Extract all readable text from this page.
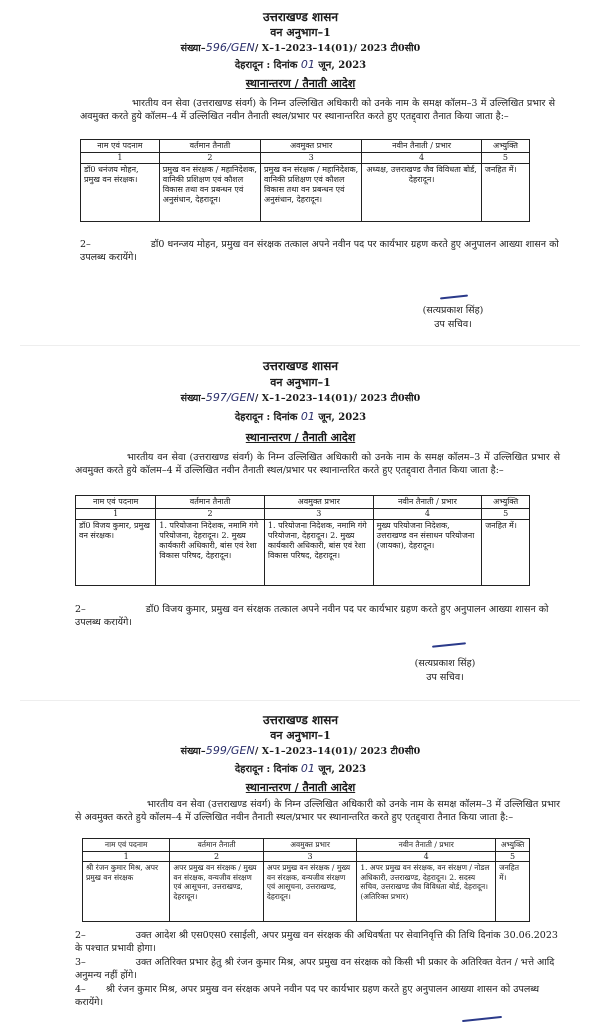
उत्तराखण्ड शासन
वन अनुभाग–1
संख्या–596/GEN/ X–1–2023–14(01)/ 2023 टी0सी0
देहरादून : दिनांक 01 जून, 2023
स्थानान्तरण / तैनाती आदेश
भारतीय वन सेवा (उत्तराखण्ड संवर्ग) के निम्न उल्लिखित अधिकारी को उनके नाम के समक्ष कॉलम–3 में उल्लिखित प्रभार से अवमुक्त करते हुये कॉलम–4 में उल्लिखित नवीन तैनाती स्थल/प्रभार पर स्थानान्तरित करते हुए एतद्द्वारा तैनात किया जाता है:–
नाम एवं पदनाम	वर्तमान तैनाती	अवमुक्त प्रभार	नवीन तैनाती / प्रभार	अभ्युक्ति
1	2	3	4	5
डॉ0 धनंजय मोहन, प्रमुख वन संरक्षक।	प्रमुख वन संरक्षक / महानिदेशक, वानिकी प्रशिक्षण एवं कौशल विकास तथा वन प्रबन्धन एवं अनुसंधान, देहरादून।	प्रमुख वन संरक्षक / महानिदेशक, वानिकी प्रशिक्षण एवं कौशल विकास तथा वन प्रबन्धन एवं अनुसंधान, देहरादून।	अध्यक्ष, उत्तराखण्ड जैव विविधता बोर्ड, देहरादून।	जनहित में।
2–	डॉ0 धनन्जय मोहन, प्रमुख वन संरक्षक तत्काल अपने नवीन पद पर कार्यभार ग्रहण करते हुए अनुपालन आख्या शासन को उपलब्ध करायेंगे।
(सत्यप्रकाश सिंह)
उप सचिव।
उत्तराखण्ड शासन
वन अनुभाग–1
संख्या–597/GEN/ X–1–2023–14(01)/ 2023 टी0सी0
देहरादून : दिनांक 01 जून, 2023
स्थानान्तरण / तैनाती आदेश
भारतीय वन सेवा (उत्तराखण्ड संवर्ग) के निम्न उल्लिखित अधिकारी को उनके नाम के समक्ष कॉलम–3 में उल्लिखित प्रभार से अवमुक्त करते हुये कॉलम–4 में उल्लिखित नवीन तैनाती स्थल/प्रभार पर स्थानान्तरित करते हुए एतद्द्वारा तैनात किया जाता है:–
नाम एवं पदनाम	वर्तमान तैनाती	अवमुक्त प्रभार	नवीन तैनाती / प्रभार	अभ्युक्ति
1	2	3	4	5
डॉ0 विजय कुमार, प्रमुख वन संरक्षक।	1. परियोजना निदेशक, नमामि गंगे परियोजना, देहरादून। 2. मुख्य कार्यकारी अधिकारी, बांस एवं रेशा विकास परिषद, देहरादून।	1. परियोजना निदेशक, नमामि गंगे परियोजना, देहरादून। 2. मुख्य कार्यकारी अधिकारी, बांस एवं रेशा विकास परिषद, देहरादून।	मुख्य परियोजना निदेशक, उत्तराखण्ड वन संसाधन परियोजना (जायका), देहरादून।	जनहित में।
2–	डॉ0 विजय कुमार, प्रमुख वन संरक्षक तत्काल अपने नवीन पद पर कार्यभार ग्रहण करते हुए अनुपालन आख्या शासन को उपलब्ध करायेंगे।
(सत्यप्रकाश सिंह)
उप सचिव।
उत्तराखण्ड शासन
वन अनुभाग–1
संख्या–599/GEN/ X–1–2023–14(01)/ 2023 टी0सी0
देहरादून : दिनांक 01 जून, 2023
स्थानान्तरण / तैनाती आदेश
भारतीय वन सेवा (उत्तराखण्ड संवर्ग) के निम्न उल्लिखित अधिकारी को उनके नाम के समक्ष कॉलम–3 में उल्लिखित प्रभार से अवमुक्त करते हुये कॉलम–4 में उल्लिखित नवीन तैनाती स्थल/प्रभार पर स्थानान्तरित करते हुए एतद्द्वारा तैनात किया जाता है:–
नाम एवं पदनाम	वर्तमान तैनाती	अवमुक्त प्रभार	नवीन तैनाती / प्रभार	अभ्युक्ति
1	2	3	4	5
श्री रंजन कुमार मिश्र, अपर प्रमुख वन संरक्षक	अपर प्रमुख वन संरक्षक / मुख्य वन संरक्षक, वन्यजीव संरक्षण एवं आसूचना, उत्तराखण्ड, देहरादून।	अपर प्रमुख वन संरक्षक / मुख्य वन संरक्षक, वन्यजीव संरक्षण एवं आसूचना, उत्तराखण्ड, देहरादून।	1. अपर प्रमुख वन संरक्षक, वन संरक्षण / नोडल अधिकारी, उत्तराखण्ड, देहरादून। 2. सदस्य सचिव, उत्तराखण्ड जैव विविधता बोर्ड, देहरादून। (अतिरिक्त प्रभार)	जनहित में।
2–	उक्त आदेश श्री एस0एस0 रसाईली, अपर प्रमुख वन संरक्षक की अधिवर्षता पर सेवानिवृत्ति की तिथि दिनांक 30.06.2023 के पश्चात प्रभावी होगा।
3–	उक्त अतिरिक्त प्रभार हेतु श्री रंजन कुमार मिश्र, अपर प्रमुख वन संरक्षक को किसी भी प्रकार के अतिरिक्त वेतन / भत्ते आदि अनुमन्य नहीं होंगे।
4– श्री रंजन कुमार मिश्र, अपर प्रमुख वन संरक्षक अपने नवीन पद पर कार्यभार ग्रहण करते हुए अनुपालन आख्या शासन को उपलब्ध करायेंगे।
